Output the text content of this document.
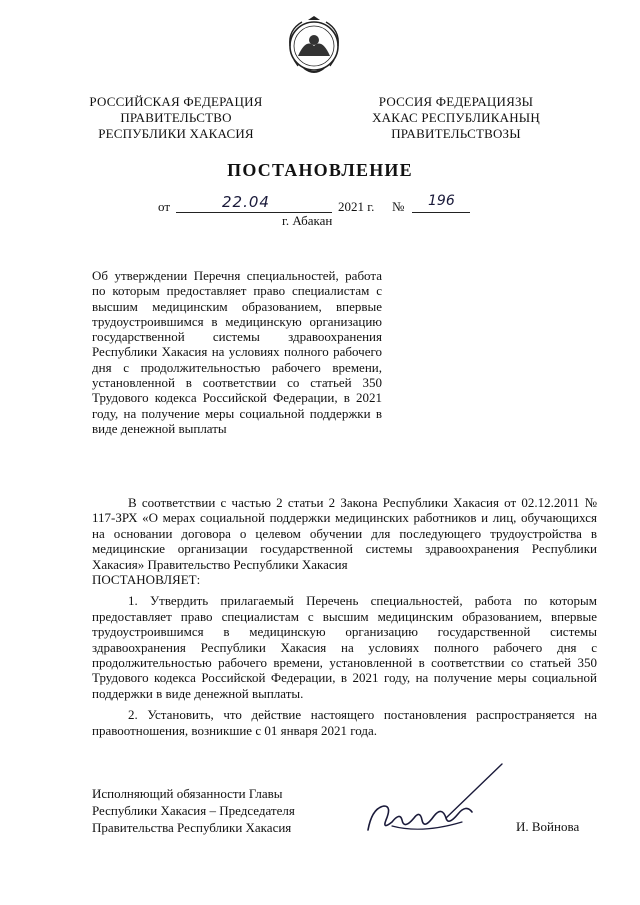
РОССИЙСКАЯ ФЕДЕРАЦИЯ
ПРАВИТЕЛЬСТВО
РЕСПУБЛИКИ ХАКАСИЯ
РОССИЯ ФЕДЕРАЦИЯЗЫ
ХАКАС РЕСПУБЛИКАНЫҢ
ПРАВИТЕЛЬСТВОЗЫ
ПОСТАНОВЛЕНИЕ
от	22.04	2021 г. № 196
г. Абакан
Об утверждении Перечня специальностей, работа по которым предоставляет право специалистам с высшим медицинским образованием, впервые трудоустроившимся в медицинскую организацию государственной системы здравоохранения Республики Хакасия на условиях полного рабочего дня с продолжительностью рабочего времени, установленной в соответствии со статьей 350 Трудового кодекса Российской Федерации, в 2021 году, на получение меры социальной поддержки в виде денежной выплаты

В соответствии с частью 2 статьи 2 Закона Республики Хакасия от 02.12.2011 № 117-ЗРХ «О мерах социальной поддержки медицинских работников и лиц, обучающихся на основании договора о целевом обучении для последующего трудоустройства в медицинские организации государственной системы здравоохранения Республики Хакасия» Правительство Республики Хакасия

ПОСТАНОВЛЯЕТ:

1. Утвердить прилагаемый Перечень специальностей, работа по которым предоставляет право специалистам с высшим медицинским образованием, впервые трудоустроившимся в медицинскую организацию государственной системы здравоохранения Республики Хакасия на условиях полного рабочего дня с продолжительностью рабочего времени, установленной в соответствии со статьей 350 Трудового кодекса Российской Федерации, в 2021 году, на получение меры социальной поддержки в виде денежной выплаты.

2. Установить, что действие настоящего постановления распространяется на правоотношения, возникшие с 01 января 2021 года.

Исполняющий обязанности Главы
Республики Хакасия – Председателя
Правительства Республики Хакасия	И. Войнова
